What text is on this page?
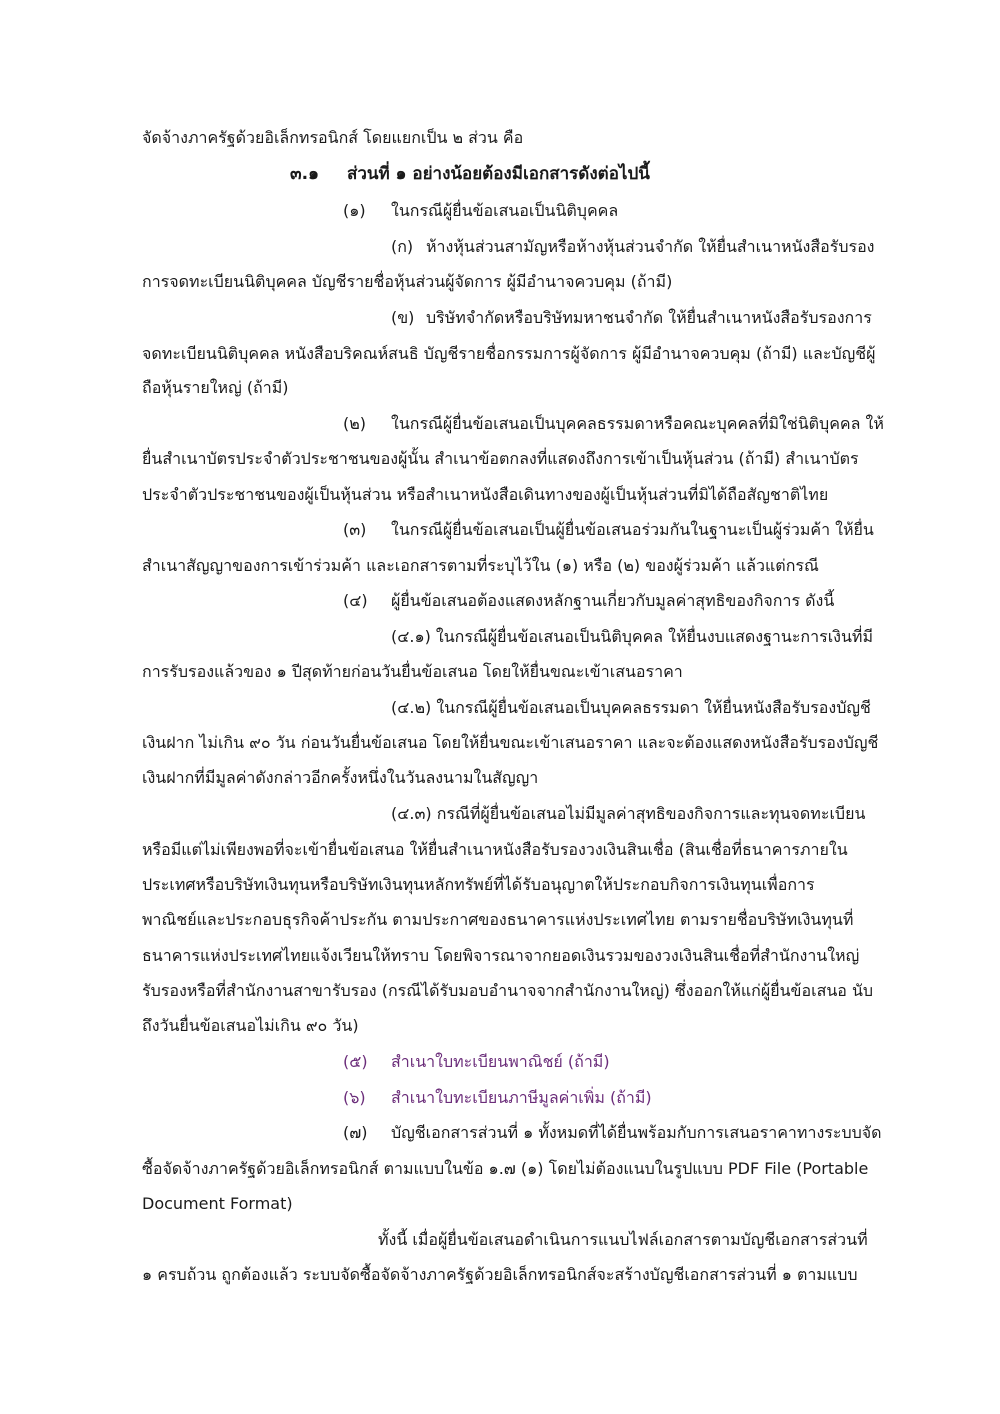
จัดจ้างภาครัฐด้วยอิเล็กทรอนิกส์ โดยแยกเป็น ๒ ส่วน คือ
๓.๑ ส่วนที่ ๑ อย่างน้อยต้องมีเอกสารดังต่อไปนี้
(๑) ในกรณีผู้ยื่นข้อเสนอเป็นนิติบุคคล
(ก) ห้างหุ้นส่วนสามัญหรือห้างหุ้นส่วนจำกัด ให้ยื่นสำเนาหนังสือรับรอง
การจดทะเบียนนิติบุคคล บัญชีรายชื่อหุ้นส่วนผู้จัดการ ผู้มีอำนาจควบคุม (ถ้ามี)
(ข) บริษัทจำกัดหรือบริษัทมหาชนจำกัด ให้ยื่นสำเนาหนังสือรับรองการ
จดทะเบียนนิติบุคคล หนังสือบริคณห์สนธิ บัญชีรายชื่อกรรมการผู้จัดการ ผู้มีอำนาจควบคุม (ถ้ามี) และบัญชีผู้
ถือหุ้นรายใหญ่ (ถ้ามี)
(๒) ในกรณีผู้ยื่นข้อเสนอเป็นบุคคลธรรมดาหรือคณะบุคคลที่มิใช่นิติบุคคล ให้
ยื่นสำเนาบัตรประจำตัวประชาชนของผู้นั้น สำเนาข้อตกลงที่แสดงถึงการเข้าเป็นหุ้นส่วน (ถ้ามี) สำเนาบัตร
ประจำตัวประชาชนของผู้เป็นหุ้นส่วน หรือสำเนาหนังสือเดินทางของผู้เป็นหุ้นส่วนที่มิได้ถือสัญชาติไทย
(๓) ในกรณีผู้ยื่นข้อเสนอเป็นผู้ยื่นข้อเสนอร่วมกันในฐานะเป็นผู้ร่วมค้า ให้ยื่น
สำเนาสัญญาของการเข้าร่วมค้า และเอกสารตามที่ระบุไว้ใน (๑) หรือ (๒) ของผู้ร่วมค้า แล้วแต่กรณี
(๔) ผู้ยื่นข้อเสนอต้องแสดงหลักฐานเกี่ยวกับมูลค่าสุทธิของกิจการ ดังนี้
(๔.๑) ในกรณีผู้ยื่นข้อเสนอเป็นนิติบุคคล ให้ยื่นงบแสดงฐานะการเงินที่มี
การรับรองแล้วของ ๑ ปีสุดท้ายก่อนวันยื่นข้อเสนอ โดยให้ยื่นขณะเข้าเสนอราคา
(๔.๒) ในกรณีผู้ยื่นข้อเสนอเป็นบุคคลธรรมดา ให้ยื่นหนังสือรับรองบัญชี
เงินฝาก ไม่เกิน ๙๐ วัน ก่อนวันยื่นข้อเสนอ โดยให้ยื่นขณะเข้าเสนอราคา และจะต้องแสดงหนังสือรับรองบัญชี
เงินฝากที่มีมูลค่าดังกล่าวอีกครั้งหนึ่งในวันลงนามในสัญญา
(๔.๓) กรณีที่ผู้ยื่นข้อเสนอไม่มีมูลค่าสุทธิของกิจการและทุนจดทะเบียน
หรือมีแต่ไม่เพียงพอที่จะเข้ายื่นข้อเสนอ ให้ยื่นสำเนาหนังสือรับรองวงเงินสินเชื่อ (สินเชื่อที่ธนาคารภายใน
ประเทศหรือบริษัทเงินทุนหรือบริษัทเงินทุนหลักทรัพย์ที่ได้รับอนุญาตให้ประกอบกิจการเงินทุนเพื่อการ
พาณิชย์และประกอบธุรกิจค้าประกัน ตามประกาศของธนาคารแห่งประเทศไทย ตามรายชื่อบริษัทเงินทุนที่
ธนาคารแห่งประเทศไทยแจ้งเวียนให้ทราบ โดยพิจารณาจากยอดเงินรวมของวงเงินสินเชื่อที่สำนักงานใหญ่
รับรองหรือที่สำนักงานสาขารับรอง (กรณีได้รับมอบอำนาจจากสำนักงานใหญ่) ซึ่งออกให้แก่ผู้ยื่นข้อเสนอ นับ
ถึงวันยื่นข้อเสนอไม่เกิน ๙๐ วัน)
(๕) สำเนาใบทะเบียนพาณิชย์ (ถ้ามี)
(๖) สำเนาใบทะเบียนภาษีมูลค่าเพิ่ม (ถ้ามี)
(๗) บัญชีเอกสารส่วนที่ ๑ ทั้งหมดที่ได้ยื่นพร้อมกับการเสนอราคาทางระบบจัด
ซื้อจัดจ้างภาครัฐด้วยอิเล็กทรอนิกส์ ตามแบบในข้อ ๑.๗ (๑) โดยไม่ต้องแนบในรูปแบบ PDF File (Portable
Document Format)
ทั้งนี้ เมื่อผู้ยื่นข้อเสนอดำเนินการแนบไฟล์เอกสารตามบัญชีเอกสารส่วนที่
๑ ครบถ้วน ถูกต้องแล้ว ระบบจัดซื้อจัดจ้างภาครัฐด้วยอิเล็กทรอนิกส์จะสร้างบัญชีเอกสารส่วนที่ ๑ ตามแบบ
